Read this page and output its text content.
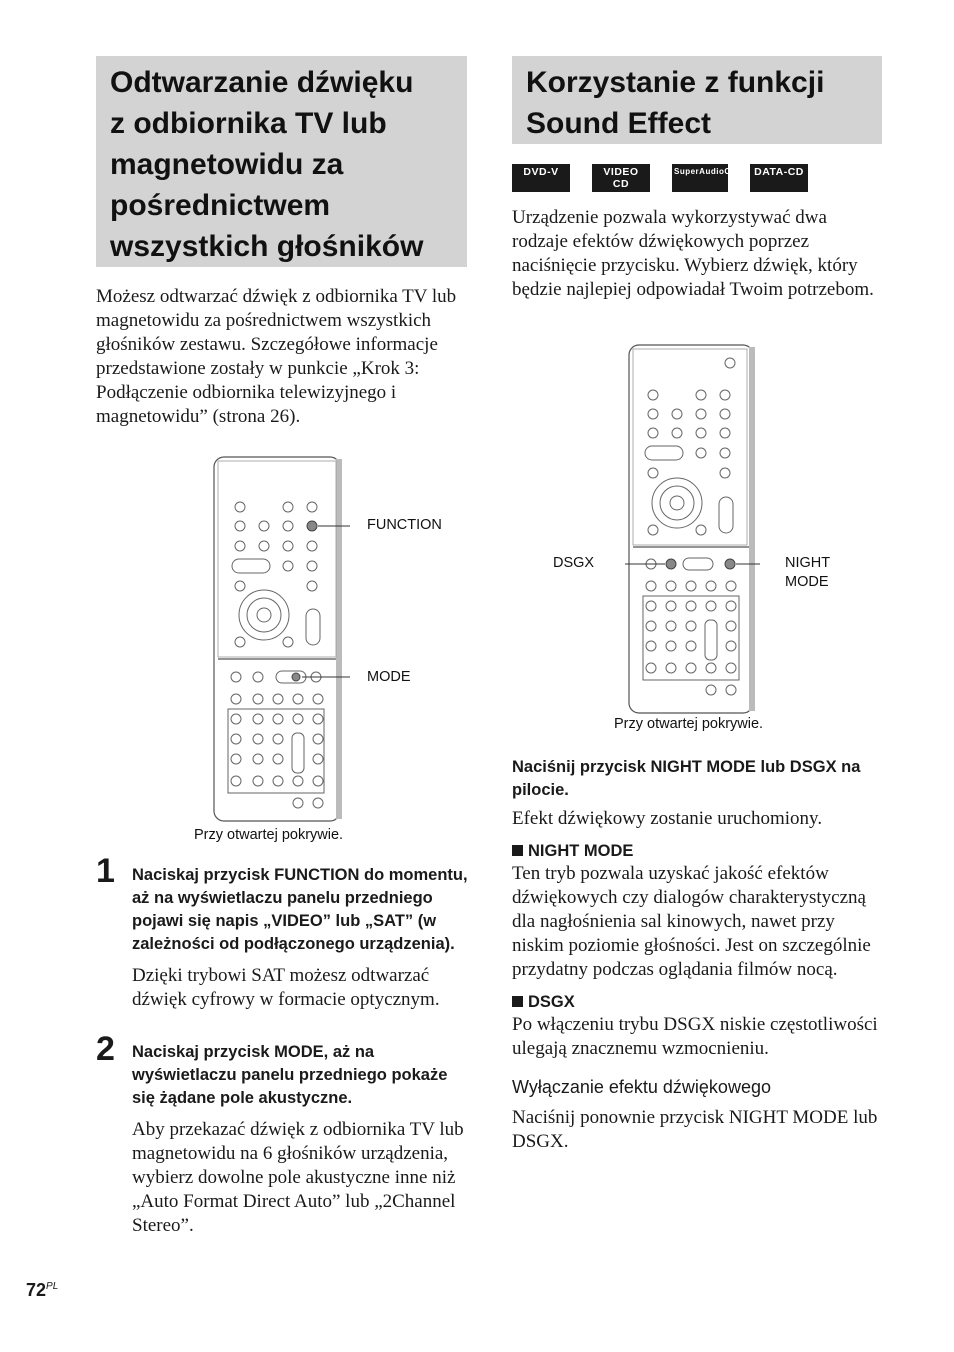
Odtwarzanie dźwięku
z odbiornika TV lub
magnetowidu za
pośrednictwem
wszystkich głośników

Możesz odtwarzać dźwięk z odbiornika TV lub magnetowidu za pośrednictwem wszystkich głośników zestawu. Szczegółowe informacje przedstawione zostały w punkcie „Krok 3: Podłączenie odbiornika telewizyjnego i magnetowidu” (strona 26).

FUNCTION
MODE
Przy otwartej pokrywie.
1 Naciskaj przycisk FUNCTION do momentu, aż na wyświetlaczu panelu przedniego pojawi się napis „VIDEO” lub „SAT” (w zależności od podłączonego urządzenia).
Dzięki trybowi SAT możesz odtwarzać dźwięk cyfrowy w formacie optycznym.
2 Naciskaj przycisk MODE, aż na wyświetlaczu panelu przedniego pokaże się żądane pole akustyczne.
Aby przekazać dźwięk z odbiornika TV lub magnetowidu na 6 głośników urządzenia, wybierz dowolne pole akustyczne inne niż „Auto Format Direct Auto” lub „2Channel Stereo”.
Korzystanie z funkcji
Sound Effect
DVD-V	VIDEO CD
SuperAudioCD	DATA-CD

Urządzenie pozwala wykorzystywać dwa rodzaje efektów dźwiękowych poprzez naciśnięcie przycisku. Wybierz dźwięk, który będzie najlepiej odpowiadał Twoim potrzebom.

DSGX	NIGHT MODE
Przy otwartej pokrywie.
Naciśnij przycisk NIGHT MODE lub DSGX na pilocie.
Efekt dźwiękowy zostanie uruchomiony.
NIGHT MODE
Ten tryb pozwala uzyskać jakość efektów dźwiękowych czy dialogów charakterystyczną dla nagłośnienia sal kinowych, nawet przy niskim poziomie głośności. Jest on szczególnie przydatny podczas oglądania filmów nocą.
DSGX
Po włączeniu trybu DSGX niskie częstotliwości ulegają znacznemu wzmocnieniu.
Wyłączanie efektu dźwiękowego
Naciśnij ponownie przycisk NIGHT MODE lub DSGX.
$72^{PL}$
